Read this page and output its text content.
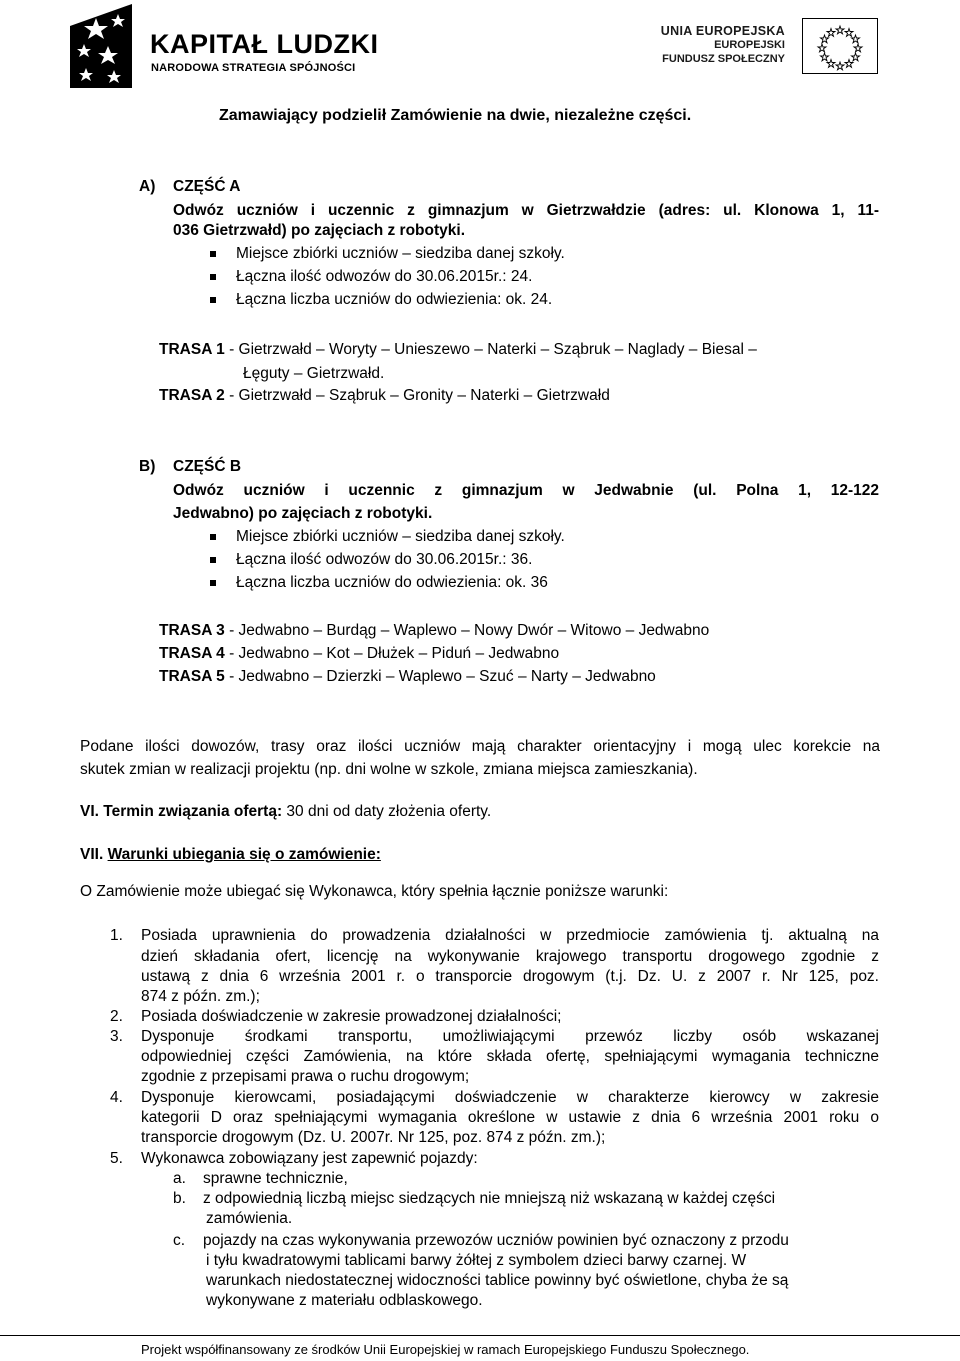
KAPITAŁ LUDZKI
NARODOWA STRATEGIA SPÓJNOŚCI
UNIA EUROPEJSKA
EUROPEJSKI
FUNDUSZ SPOŁECZNY
Zamawiający podzielił Zamówienie na dwie, niezależne części.
A) CZĘŚĆ A
Odwóz uczniów i uczennic z gimnazjum w Gietrzwałdzie (adres: ul. Klonowa 1, 11-
036 Gietrzwałd) po zajęciach z robotyki.
Miejsce zbiórki uczniów – siedziba danej szkoły.
Łączna ilość odwozów do 30.06.2015r.: 24.
Łączna liczba uczniów do odwiezienia: ok. 24.
TRASA 1 - Gietrzwałd – Woryty – Unieszewo – Naterki – Sząbruk – Naglady – Biesal –
Łęguty – Gietrzwałd.
TRASA 2 - Gietrzwałd – Sząbruk – Gronity – Naterki – Gietrzwałd
B) CZĘŚĆ B
Odwóz uczniów i uczennic z gimnazjum w Jedwabnie (ul. Polna 1, 12-122
Jedwabno) po zajęciach z robotyki.
Miejsce zbiórki uczniów – siedziba danej szkoły.
Łączna ilość odwozów do 30.06.2015r.: 36.
Łączna liczba uczniów do odwiezienia: ok. 36
TRASA 3 - Jedwabno – Burdąg – Waplewo – Nowy Dwór – Witowo – Jedwabno
TRASA 4 - Jedwabno – Kot – Dłużek – Piduń – Jedwabno
TRASA 5 - Jedwabno – Dzierzki – Waplewo – Szuć – Narty – Jedwabno
Podane ilości dowozów, trasy oraz ilości uczniów mają charakter orientacyjny i mogą ulec korekcie na
skutek zmian w realizacji projektu (np. dni wolne w szkole, zmiana miejsca zamieszkania).
VI. Termin związania ofertą: 30 dni od daty złożenia oferty.
VII. Warunki ubiegania się o zamówienie:
O Zamówienie może ubiegać się Wykonawca, który spełnia łącznie poniższe warunki:
1. Posiada uprawnienia do prowadzenia działalności w przedmiocie zamówienia tj. aktualną na
dzień składania ofert, licencję na wykonywanie krajowego transportu drogowego zgodnie z
ustawą z dnia 6 września 2001 r. o transporcie drogowym (t.j. Dz. U. z 2007 r. Nr 125, poz.
874 z późn. zm.);
2. Posiada doświadczenie w zakresie prowadzonej działalności;
3. Dysponuje środkami transportu, umożliwiającymi przewóz liczby osób wskazanej
odpowiedniej części Zamówienia, na które składa ofertę, spełniającymi wymagania techniczne
zgodnie z przepisami prawa o ruchu drogowym;
4. Dysponuje kierowcami, posiadającymi doświadczenie w charakterze kierowcy w zakresie
kategorii D oraz spełniającymi wymagania określone w ustawie z dnia 6 września 2001 roku o
transporcie drogowym (Dz. U. 2007r. Nr 125, poz. 874 z późn. zm.);
5. Wykonawca zobowiązany jest zapewnić pojazdy:
a. sprawne technicznie,
b. z odpowiednią liczbą miejsc siedzących nie mniejszą niż wskazaną w każdej części
zamówienia.
c. pojazdy na czas wykonywania przewozów uczniów powinien być oznaczony z przodu
i tyłu kwadratowymi tablicami barwy żółtej z symbolem dzieci barwy czarnej. W
warunkach niedostatecznej widoczności tablice powinny być oświetlone, chyba że są
wykonywane z materiału odblaskowego.
Projekt współfinansowany ze środków Unii Europejskiej w ramach Europejskiego Funduszu Społecznego.
